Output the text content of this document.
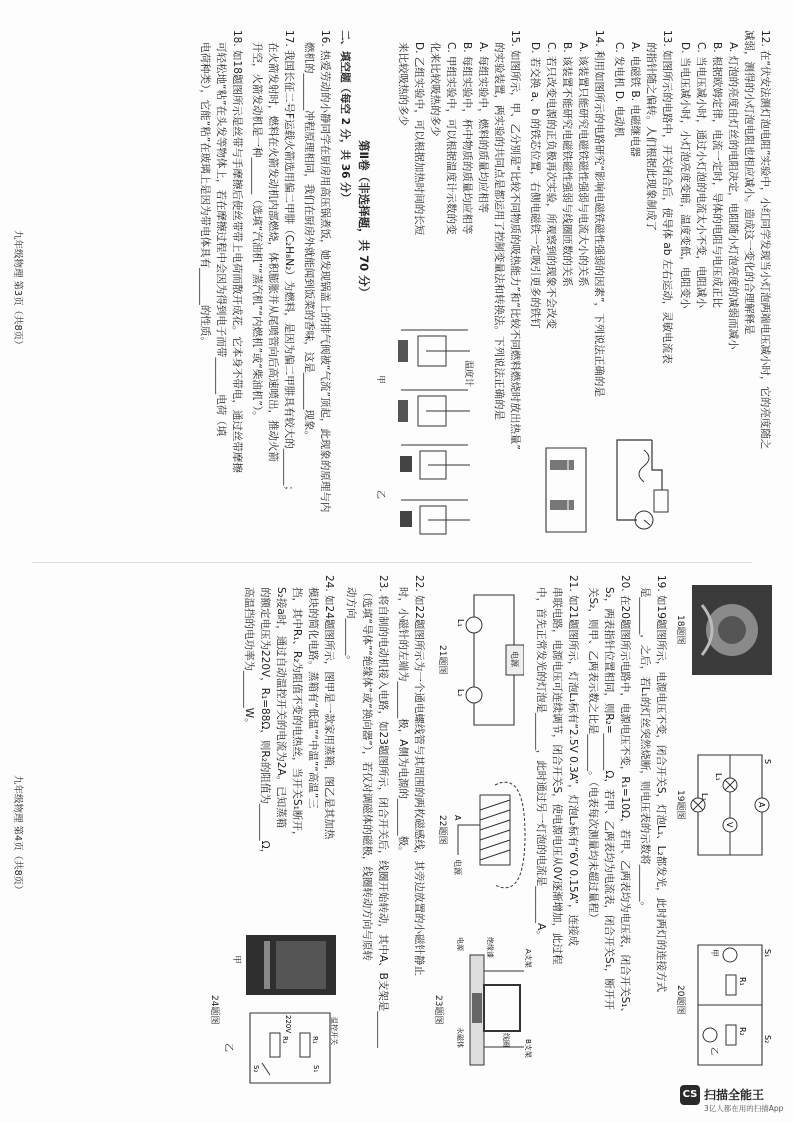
12. 在“伏安法测灯泡电阻”实验中，小红同学发现当小灯泡两端电压减小时，它的亮度随之
减弱，测得的小灯泡电阻也相应减小。造成这一变化的合理解释是
A. 灯泡的亮度由灯丝的电阻决定，电阻随小灯泡亮度的减弱而减小
B. 根据欧姆定律，电流一定时，导体的电阻与电压成正比
C. 当电压减小时，通过小灯泡的电流太小不变，电阻减小
D. 当电压减小时，小灯泡亮度变暗，温度变低，电阻变小
13. 如图所示的电路中，开关闭合后，使导体 ab 左右运动，灵敏电流表
的指针随之偏转。人们根据此现象制成了
A. 电磁铁 B. 电磁继电器
C. 发电机 D. 电动机
14. 利用如图所示的电路研究“影响电磁铁磁性强弱的因素”，下列说法正确的是
A. 该装置只能研究电磁铁磁性强弱与电流大小的关系
B. 该装置不能研究电磁铁磁性强弱与线圈匝数的关系
C. 若只改变电源的正负极再次实验，所观察到的现象不会改变
D. 若交换 a、b 的铁芯位置，右侧电磁铁一定吸引更多的铁钉
15. 如图所示，甲、乙分别是“比较不同物质的吸热能力”和“比较不同燃料燃烧时放出热量”
的实验装置，两实验的共同点是都运用了控制变量法和转换法。下列说法正确的是
A. 每组实验中，燃料的质量均应相等
B. 每组实验中，杯中物质的质量均应相等
C. 甲组实验中，可以根据温度计示数的变
化来比较吸热的多少
D. 乙组实验中，可以根据加热时间的长短
来比较吸热的多少
甲
乙
温度计
第Ⅱ卷（非选择题，共 70 分）
二、填空题（每空 2 分，共 36 分）
16. 热爱劳动的小静同学在厨房用高压锅煮饭，她发现锅盖上的排气阀被“气流”顶起，此现象的原理与内
燃机的_______冲程原理相同，我们在厨房外就能闻到饭菜的香味，这是_______现象。
17. 我国长征二号F运载火箭选用偏二甲肼（C₂H₈N₂）为燃料，是因为偏二甲肼具有较大的_______；
在火箭发射时，燃料在火箭发动机内部燃烧，体积膨胀并从尾喷管向后高速喷出，推动火箭
升空，火箭发动机是一种_______（选填“汽油机”“蒸汽机”“内燃机”或“柴油机”）。
18. 如18题图所示是丝带与手摩擦后使丝带带上电荷而散开成花。它本身不带电，通过丝带摩擦
可轻松地“粘”在头发等物体上，若在摩擦过程中会因为得到电子而带_______电荷（填
电荷种类），它能“粘”在玻璃上是因为带电体具有_______的性质。
九年级物理 第3页（共8页）
18题图
A
V
S
L₁
L₂
19题图
R₁
R₂
S₁
S₂
甲
乙
20题图
19. 如19题图所示，电源电压不变，闭合开关S，灯泡L₁、L₂都发光，此时两灯的连接方式
是_______，之后，若L₁的灯丝突然烧断，则电压表的示数将_______。
20. 在20题图所示电路中，电源电压不变，R₁=10Ω，若甲、乙两表均为电压表，闭合开关S₁、
S₂，两表指针位置相同，则R₂=_______Ω，若甲、乙两表均为电流表，闭合开关S₁，断开开
关S₂，则甲、乙两表示数之比是_______。（电表每次测量均未超过量程）
21. 如21题图所示，灯泡L₁标有“2.5V 0.3A”，灯泡L₂标有“6V 0.15A”，连接成
串联电路，电源电压可连续调节，闭合开关S，使电源电压从0V逐渐增加，此过程
中，首先正常发光的灯泡是_______，此时通过另一灯泡的电流是_______A。
电源
L₁
L₂
21题图
电源
A
22题图
A支架
B支架
线圈
永磁体
绝缘漆
电源
23题图
22. 如22题图所示为一个通电螺线管与其周围的两枚磁感线，其旁边放置的小磁针静止
时，小磁针的左端为_______极，A侧为电源的_______极。
23. 将自制的电动机接入电路，如23题图所示，闭合开关后，线圈开始转动，其中A、B支架是_______
（选填“导体”“绝缘体”或“换向器”），若仅对调磁体的磁极，线圈转动方向与原转
动方向_______。
24. 如24题图所示，图甲是一款家用蒸箱，图乙是其加热
模块的简化电路。蒸箱有“低温”“中温”“高温”三
挡，其中R₁、R₂为阻值不变的电热丝，当开关S₁断开，
S₂接a时，通过自动温控开关的电流为2A。已知蒸箱
的额定电压为220V，R₁=88Ω，则R₂的阻值为_______Ω，
高温挡的电功率为_______W。
温控开关
220V
R₁
R₂
S₁
S₂
甲
乙
24题图
九年级物理 第4页（共8页）
CS 扫描全能王
3亿人都在用的扫描App
